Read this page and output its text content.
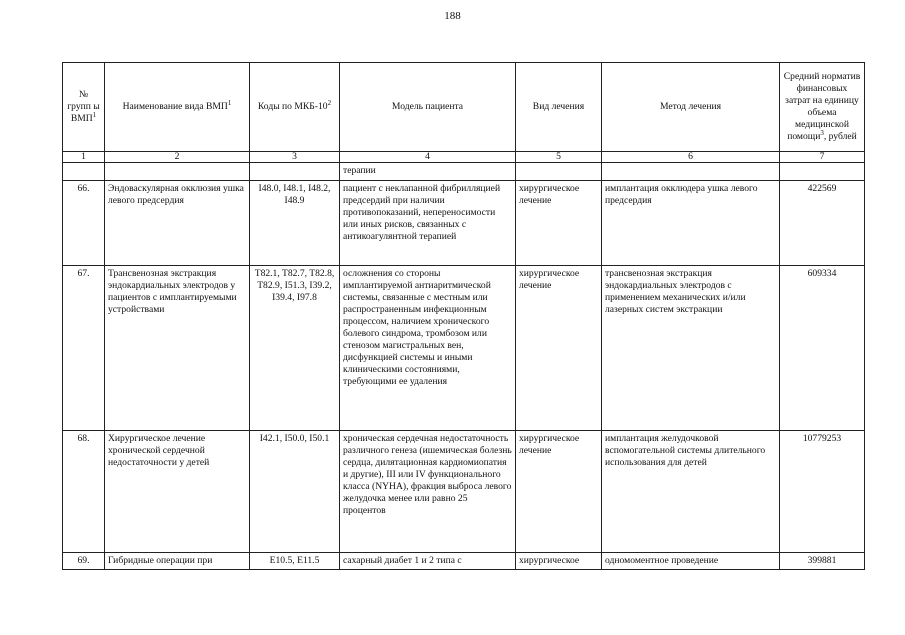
188
№ групп ы ВМП$^1$	Наименование вида ВМП$^1$	Коды по МКБ-10$^2$	Модель пациента	Вид лечения	Метод лечения	Средний норматив финансовых затрат на единицу объема медицинской помощи$^3$, рублей
1	2	3	4	5	6	7
			терапии			
66.	Эндоваскулярная окклюзия ушка левого предсердия	I48.0, I48.1, I48.2, I48.9	пациент с неклапанной фибрилляцией предсердий при наличии противопоказаний, непереносимости или иных рисков, связанных с антикоагулянтной терапией	хирургическое лечение	имплантация окклюдера ушка левого предсердия	422569
67.	Трансвенозная экстракция эндокардиальных электродов у пациентов с имплантируемыми устройствами	T82.1, T82.7, T82.8, T82.9, I51.3, I39.2, I39.4, I97.8	осложнения со стороны имплантируемой антиаритмической системы, связанные с местным или распространенным инфекционным процессом, наличием хронического болевого синдрома, тромбозом или стенозом магистральных вен, дисфункцией системы и иными клиническими состояниями, требующими ее удаления	хирургическое лечение	трансвенозная экстракция эндокардиальных электродов с применением механических и/или лазерных систем экстракции	609334
68.	Хирургическое лечение хронической сердечной недостаточности у детей	I42.1, I50.0, I50.1	хроническая сердечная недостаточность различного генеза (ишемическая болезнь сердца, дилятационная кардиомиопатия и другие), III или IV функционального класса (NYHA), фракция выброса левого желудочка менее или равно 25 процентов	хирургическое лечение	имплантация желудочковой вспомогательной системы длительного использования для детей	10779253
69.	Гибридные операции при	E10.5, E11.5	сахарный диабет 1 и 2 типа с	хирургическое	одномоментное проведение	399881
